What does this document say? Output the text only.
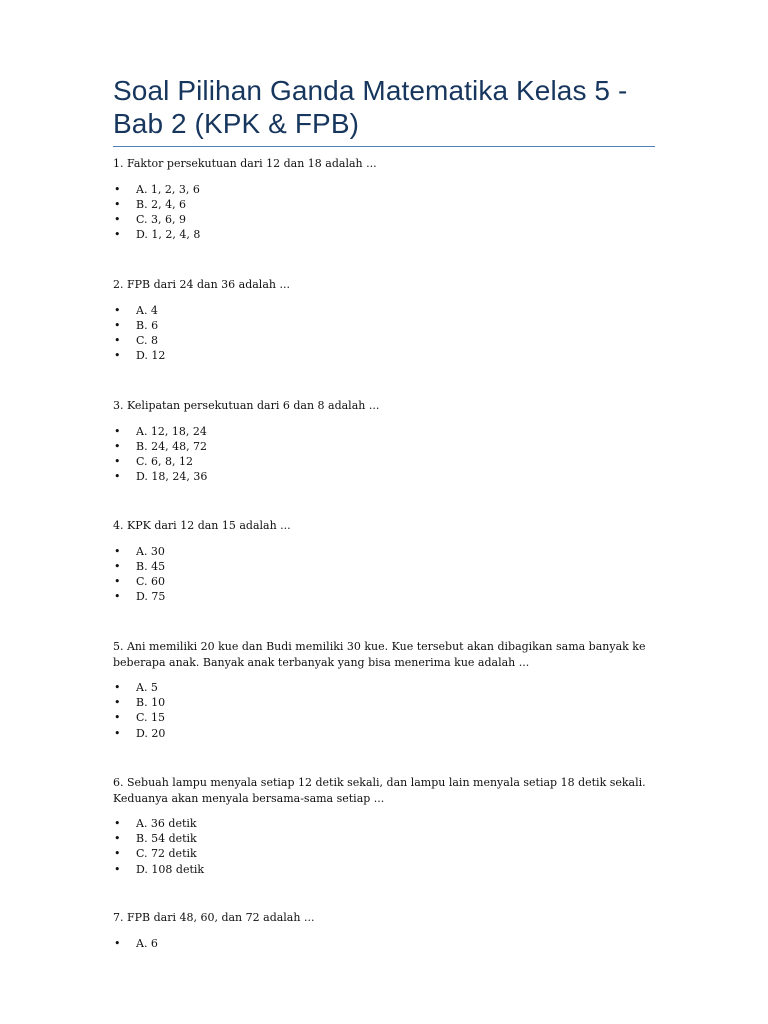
Soal Pilihan Ganda Matematika Kelas 5 - Bab 2 (KPK & FPB)

1. Faktor persekutuan dari 12 dan 18 adalah ...

• A. 1, 2, 3, 6
• B. 2, 4, 6
• C. 3, 6, 9
• D. 1, 2, 4, 8

2. FPB dari 24 dan 36 adalah ...

• A. 4
• B. 6
• C. 8
• D. 12

3. Kelipatan persekutuan dari 6 dan 8 adalah ...

• A. 12, 18, 24
• B. 24, 48, 72
• C. 6, 8, 12
• D. 18, 24, 36

4. KPK dari 12 dan 15 adalah ...

• A. 30
• B. 45
• C. 60
• D. 75

5. Ani memiliki 20 kue dan Budi memiliki 30 kue. Kue tersebut akan dibagikan sama banyak ke beberapa anak. Banyak anak terbanyak yang bisa menerima kue adalah ...

• A. 5
• B. 10
• C. 15
• D. 20

6. Sebuah lampu menyala setiap 12 detik sekali, dan lampu lain menyala setiap 18 detik sekali. Keduanya akan menyala bersama-sama setiap ...

• A. 36 detik
• B. 54 detik
• C. 72 detik
• D. 108 detik

7. FPB dari 48, 60, dan 72 adalah ...

• A. 6
